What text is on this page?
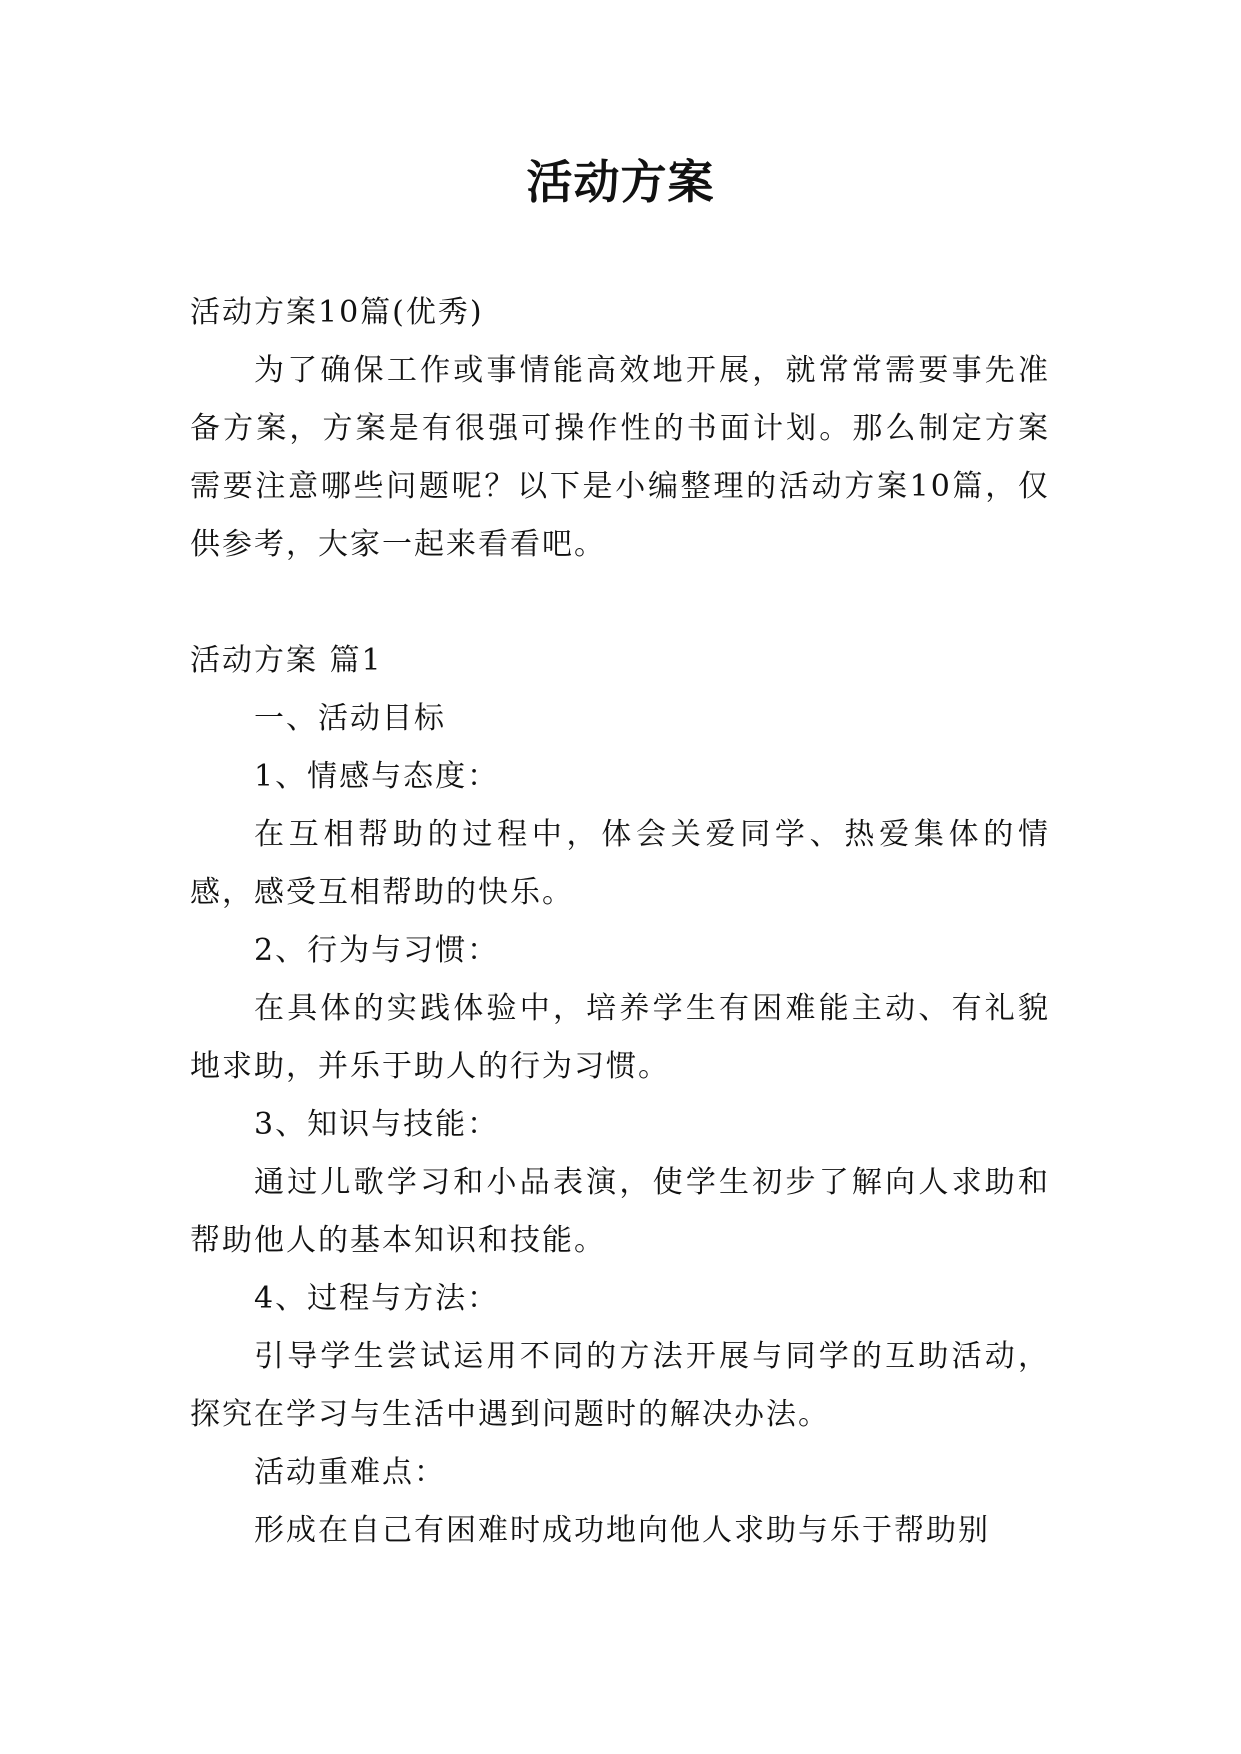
活动方案

活动方案10篇(优秀)

为了确保工作或事情能高效地开展，就常常需要事先准备方案，方案是有很强可操作性的书面计划。那么制定方案需要注意哪些问题呢？以下是小编整理的活动方案10篇，仅供参考，大家一起来看看吧。

活动方案 篇1

一、活动目标

1、情感与态度：

在互相帮助的过程中，体会关爱同学、热爱集体的情感，感受互相帮助的快乐。

2、行为与习惯：

在具体的实践体验中，培养学生有困难能主动、有礼貌地求助，并乐于助人的行为习惯。

3、知识与技能：

通过儿歌学习和小品表演，使学生初步了解向人求助和帮助他人的基本知识和技能。

4、过程与方法：

引导学生尝试运用不同的方法开展与同学的互助活动，探究在学习与生活中遇到问题时的解决办法。

活动重难点：

形成在自己有困难时成功地向他人求助与乐于帮助别
